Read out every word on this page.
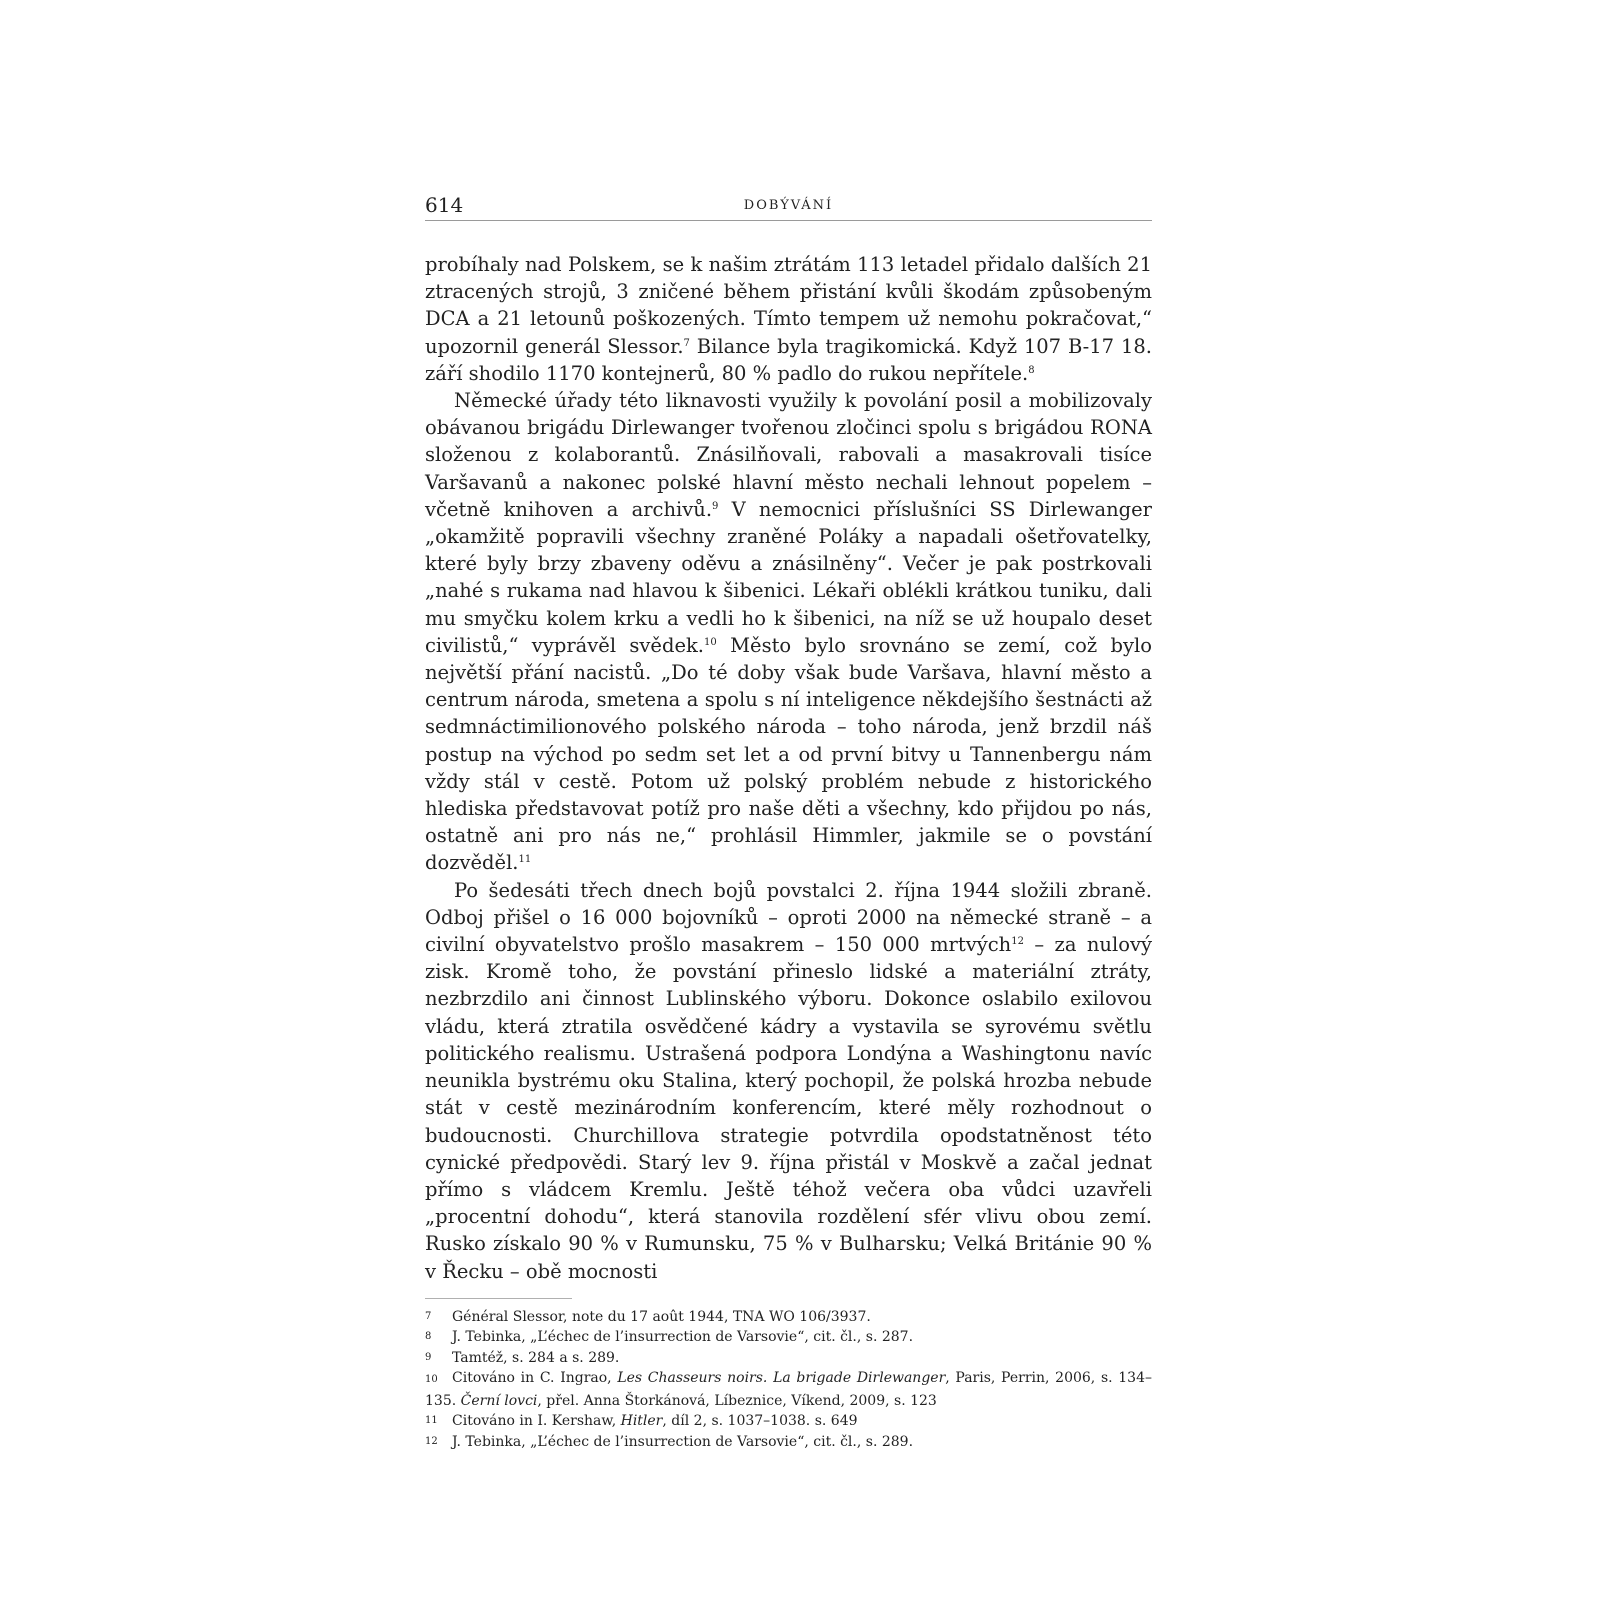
614	DOBÝVÁNÍ

probíhaly nad Polskem, se k našim ztrátám 113 letadel přidalo dalších 21 ztracených strojů, 3 zničené během přistání kvůli škodám způsobeným DCA a 21 letounů poškozených. Tímto tempem už nemohu pokračovat,“ upozornil generál Slessor.$^7$ Bilance byla tragikomická. Když 107 B-17 18. září shodilo 1170 kontejnerů, 80 % padlo do rukou nepřítele.$^8$

Německé úřady této liknavosti využily k povolání posil a mobilizovaly obávanou brigádu Dirlewanger tvořenou zločinci spolu s brigádou RONA složenou z kolaborantů. Znásilňovali, rabovali a masakrovali tisíce Varšavanů a nakonec polské hlavní město nechali lehnout popelem – včetně knihoven a archivů.$^9$ V nemocnici příslušníci SS Dirlewanger „okamžitě popravili všechny zraněné Poláky a napadali ošetřovatelky, které byly brzy zbaveny oděvu a znásilněny“. Večer je pak postrkovali „nahé s rukama nad hlavou k šibenici. Lékaři oblékli krátkou tuniku, dali mu smyčku kolem krku a vedli ho k šibenici, na níž se už houpalo deset civilistů,“ vyprávěl svědek.$^{10}$ Město bylo srovnáno se zemí, což bylo největší přání nacistů. „Do té doby však bude Varšava, hlavní město a centrum národa, smetena a spolu s ní inteligence někdejšího šestnácti až sedmnáctimilionového polského národa – toho národa, jenž brzdil náš postup na východ po sedm set let a od první bitvy u Tannenbergu nám vždy stál v cestě. Potom už polský problém nebude z historického hlediska představovat potíž pro naše děti a všechny, kdo přijdou po nás, ostatně ani pro nás ne,“ prohlásil Himmler, jakmile se o povstání dozvěděl.$^{11}$

Po šedesáti třech dnech bojů povstalci 2. října 1944 složili zbraně. Odboj přišel o 16 000 bojovníků – oproti 2000 na německé straně – a civilní obyvatelstvo prošlo masakrem – 150 000 mrtvých$^{12}$ – za nulový zisk. Kromě toho, že povstání přineslo lidské a materiální ztráty, nezbrzdilo ani činnost Lublinského výboru. Dokonce oslabilo exilovou vládu, která ztratila osvědčené kádry a vystavila se syrovému světlu politického realismu. Ustrašená podpora Londýna a Washingtonu navíc neunikla bystrému oku Stalina, který pochopil, že polská hrozba nebude stát v cestě mezinárodním konferencím, které měly rozhodnout o budoucnosti. Churchillova strategie potvrdila opodstatněnost této cynické předpovědi. Starý lev 9. října přistál v Moskvě a začal jednat přímo s vládcem Kremlu. Ještě téhož večera oba vůdci uzavřeli „procentní dohodu“, která stanovila rozdělení sfér vlivu obou zemí. Rusko získalo 90 % v Rumunsku, 75 % v Bulharsku; Velká Británie 90 % v Řecku – obě mocnosti

7 Général Slessor, note du 17 août 1944, TNA WO 106/3937.
8 J. Tebinka, „L’échec de l’insurrection de Varsovie“, cit. čl., s. 287.
9 Tamtéž, s. 284 a s. 289.
10 Citováno in C. Ingrao, Les Chasseurs noirs. La brigade Dirlewanger, Paris, Perrin, 2006, s. 134–135. Černí lovci, přel. Anna Štorkánová, Líbeznice, Víkend, 2009, s. 123
11 Citováno in I. Kershaw, Hitler, díl 2, s. 1037–1038. s. 649
12 J. Tebinka, „L’échec de l’insurrection de Varsovie“, cit. čl., s. 289.
